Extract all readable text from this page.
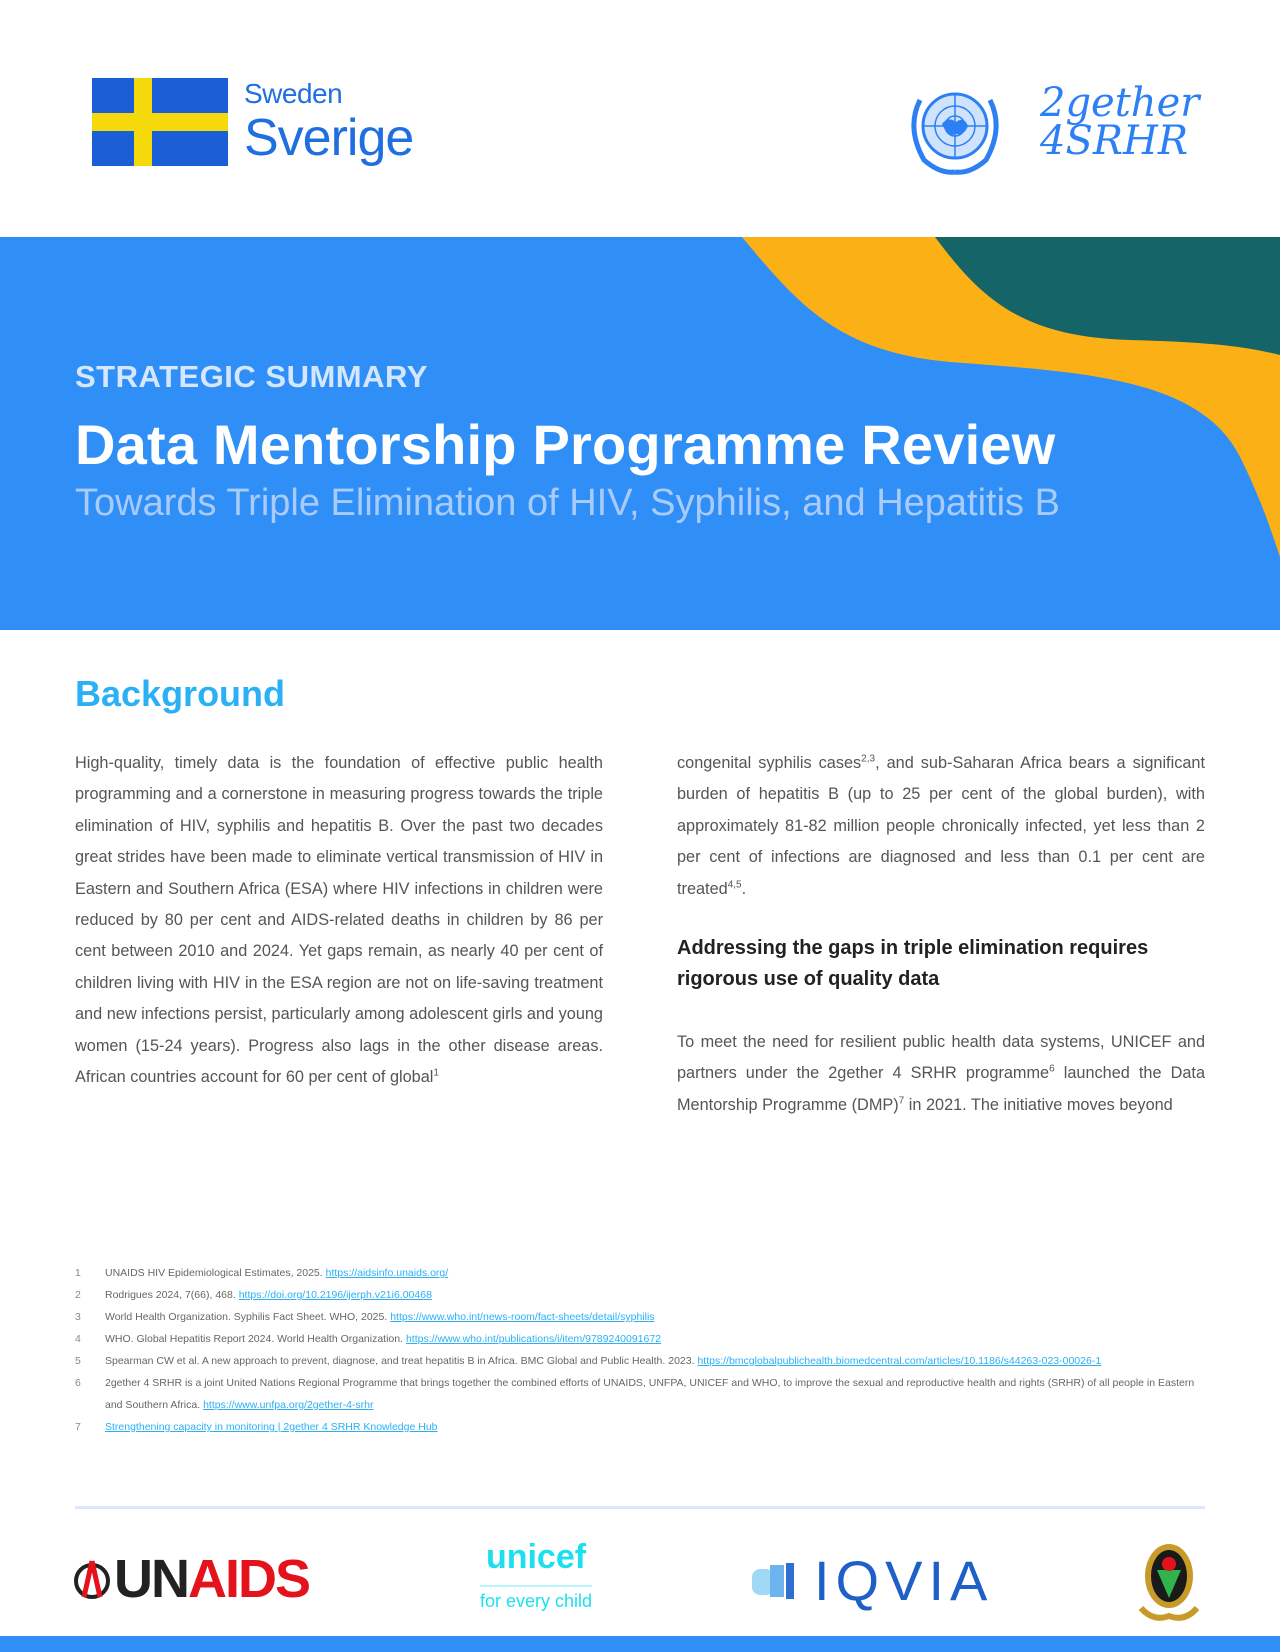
Sweden
Sverige
2gether
4SRHR
STRATEGIC SUMMARY
Data Mentorship Programme Review
Towards Triple Elimination of HIV, Syphilis, and Hepatitis B
Background

High-quality, timely data is the foundation of effective public health programming and a cornerstone in measuring progress towards the triple elimination of HIV, syphilis and hepatitis B. Over the past two decades great strides have been made to eliminate vertical transmission of HIV in Eastern and Southern Africa (ESA) where HIV infections in children were reduced by 80 per cent and AIDS-related deaths in children by 86 per cent between 2010 and 2024. Yet gaps remain, as nearly 40 per cent of children living with HIV in the ESA region are not on life-saving treatment and new infections persist, particularly among adolescent girls and young women (15-24 years). Progress also lags in the other disease areas. African countries account for 60 per cent of global$^1$

congenital syphilis cases$^{2,3}$, and sub-Saharan Africa bears a significant burden of hepatitis B (up to 25 per cent of the global burden), with approximately 81-82 million people chronically infected, yet less than 2 per cent of infections are diagnosed and less than 0.1 per cent are treated$^{4,5}$.

Addressing the gaps in triple elimination requires rigorous use of quality data

To meet the need for resilient public health data systems, UNICEF and partners under the 2gether 4 SRHR programme$^6$ launched the Data Mentorship Programme (DMP)$^7$ in 2021. The initiative moves beyond

1	UNAIDS HIV Epidemiological Estimates, 2025. https://aidsinfo.unaids.org/
2	Rodrigues 2024, 7(66), 468. https://doi.org/10.2196/ijerph.v21i6.00468
3	World Health Organization. Syphilis Fact Sheet. WHO, 2025. https://www.who.int/news-room/fact-sheets/detail/syphilis
4	WHO. Global Hepatitis Report 2024. World Health Organization. https://www.who.int/publications/i/item/9789240091672
5	Spearman CW et al. A new approach to prevent, diagnose, and treat hepatitis B in Africa. BMC Global and Public Health. 2023. https://bmcglobalpublichealth.biomedcentral.com/articles/10.1186/s44263-023-00026-1
6	2gether 4 SRHR is a joint United Nations Regional Programme that brings together the combined efforts of UNAIDS, UNFPA, UNICEF and WHO, to improve the sexual and reproductive health and rights (SRHR) of all people in Eastern and Southern Africa. https://www.unfpa.org/2gether-4-srhr
7	Strengthening capacity in monitoring | 2gether 4 SRHR Knowledge Hub
UN AIDS	unicef
for every child	IQVIA
